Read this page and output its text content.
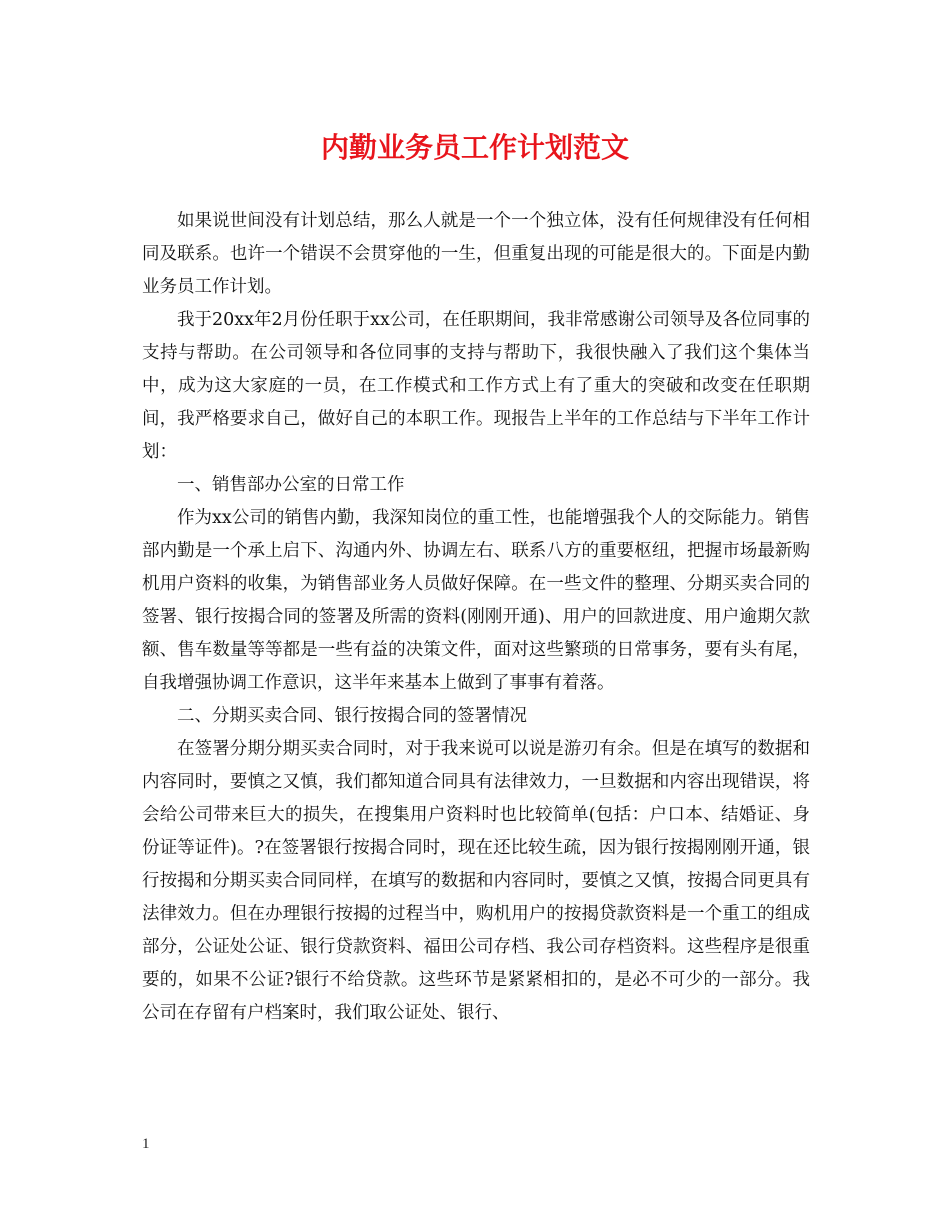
内勤业务员工作计划范文

如果说世间没有计划总结，那么人就是一个一个独立体，没有任何规律没有任何相同及联系。也许一个错误不会贯穿他的一生，但重复出现的可能是很大的。下面是内勤业务员工作计划。

我于20xx年2月份任职于xx公司，在任职期间，我非常感谢公司领导及各位同事的支持与帮助。在公司领导和各位同事的支持与帮助下，我很快融入了我们这个集体当中，成为这大家庭的一员，在工作模式和工作方式上有了重大的突破和改变在任职期间，我严格要求自己，做好自己的本职工作。现报告上半年的工作总结与下半年工作计划：

一、销售部办公室的日常工作

作为xx公司的销售内勤，我深知岗位的重工性，也能增强我个人的交际能力。销售部内勤是一个承上启下、沟通内外、协调左右、联系八方的重要枢纽，把握市场最新购机用户资料的收集，为销售部业务人员做好保障。在一些文件的整理、分期买卖合同的签署、银行按揭合同的签署及所需的资料(刚刚开通)、用户的回款进度、用户逾期欠款额、售车数量等等都是一些有益的决策文件，面对这些繁琐的日常事务，要有头有尾，自我增强协调工作意识，这半年来基本上做到了事事有着落。

二、分期买卖合同、银行按揭合同的签署情况

在签署分期分期买卖合同时，对于我来说可以说是游刃有余。但是在填写的数据和内容同时，要慎之又慎，我们都知道合同具有法律效力，一旦数据和内容出现错误，将会给公司带来巨大的损失，在搜集用户资料时也比较简单(包括：户口本、结婚证、身份证等证件)。?在签署银行按揭合同时，现在还比较生疏，因为银行按揭刚刚开通，银行按揭和分期买卖合同同样，在填写的数据和内容同时，要慎之又慎，按揭合同更具有法律效力。但在办理银行按揭的过程当中，购机用户的按揭贷款资料是一个重工的组成部分，公证处公证、银行贷款资料、福田公司存档、我公司存档资料。这些程序是很重要的，如果不公证?银行不给贷款。这些环节是紧紧相扣的，是必不可少的一部分。我公司在存留有户档案时，我们取公证处、银行、

1
